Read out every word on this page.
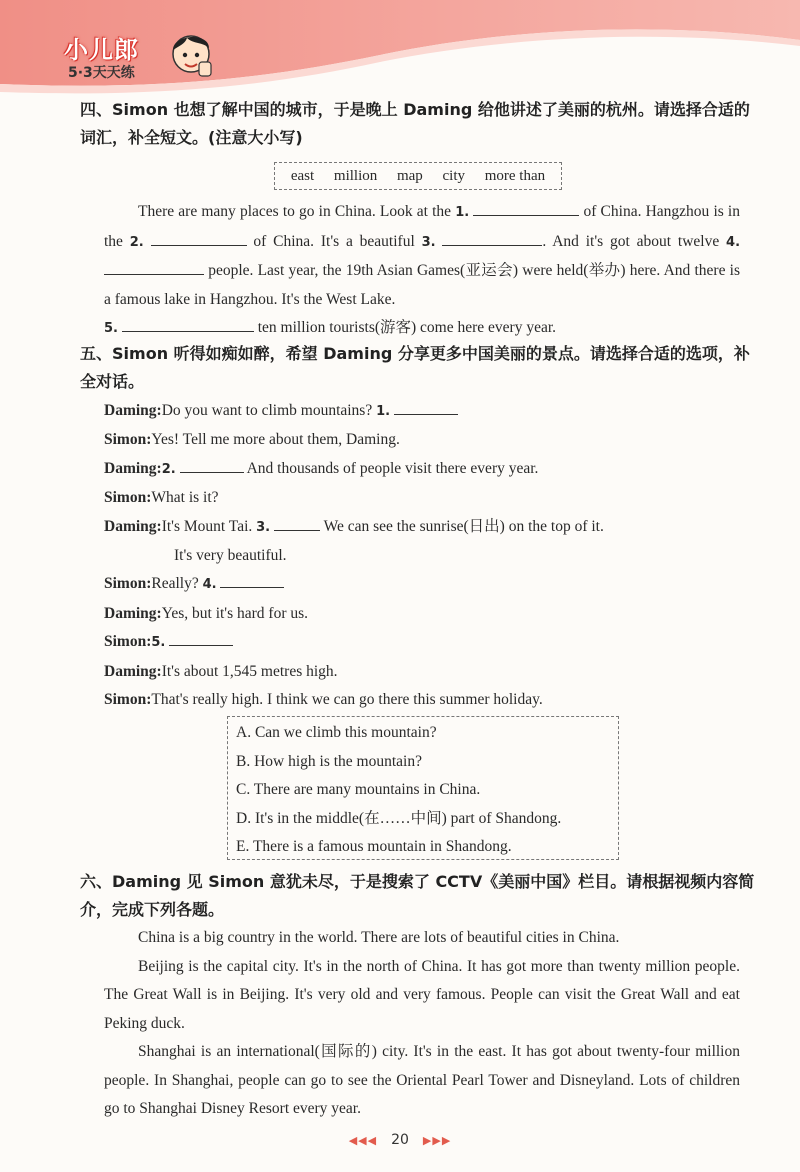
小儿郎
5·3天天练
四、Simon 也想了解中国的城市，于是晚上 Daming 给他讲述了美丽的杭州。请选择合适的词汇，补全短文。(注意大小写)
east million map city more than
There are many places to go in China. Look at the 1.	of China. Hangzhou is in the 2.	of China. It's a beautiful 3.	. And it's got about twelve 4.  people. Last year, the 19th Asian Games(亚运会) were held(举办) here. And there is a famous lake in Hangzhou. It's the West Lake.
5.	ten million tourists(游客) come here every year.
五、Simon 听得如痴如醉，希望 Daming 分享更多中国美丽的景点。请选择合适的选项，补全对话。
Daming:Do you want to climb mountains? 1.
Simon:Yes! Tell me more about them, Daming.
Daming:2.	And thousands of people visit there every year.
Simon:What is it?
Daming:It's Mount Tai. 3.	We can see the sunrise(日出) on the top of it.
It's very beautiful.
Simon:Really? 4.
Daming:Yes, but it's hard for us.
Simon:5.
Daming:It's about 1,545 metres high.
Simon:That's really high. I think we can go there this summer holiday.
A. Can we climb this mountain?
B. How high is the mountain?
C. There are many mountains in China.
D. It's in the middle(在……中间) part of Shandong.
E. There is a famous mountain in Shandong.
六、Daming 见 Simon 意犹未尽，于是搜索了 CCTV《美丽中国》栏目。请根据视频内容简介，完成下列各题。
China is a big country in the world. There are lots of beautiful cities in China.
Beijing is the capital city. It's in the north of China. It has got more than twenty million people. The Great Wall is in Beijing. It's very old and very famous. People can visit the Great Wall and eat Peking duck.
Shanghai is an international(国际的) city. It's in the east. It has got about twenty-four million people. In Shanghai, people can go to see the Oriental Pearl Tower and Disneyland. Lots of children go to Shanghai Disney Resort every year.
◀◀◀ 20 ▶▶▶
